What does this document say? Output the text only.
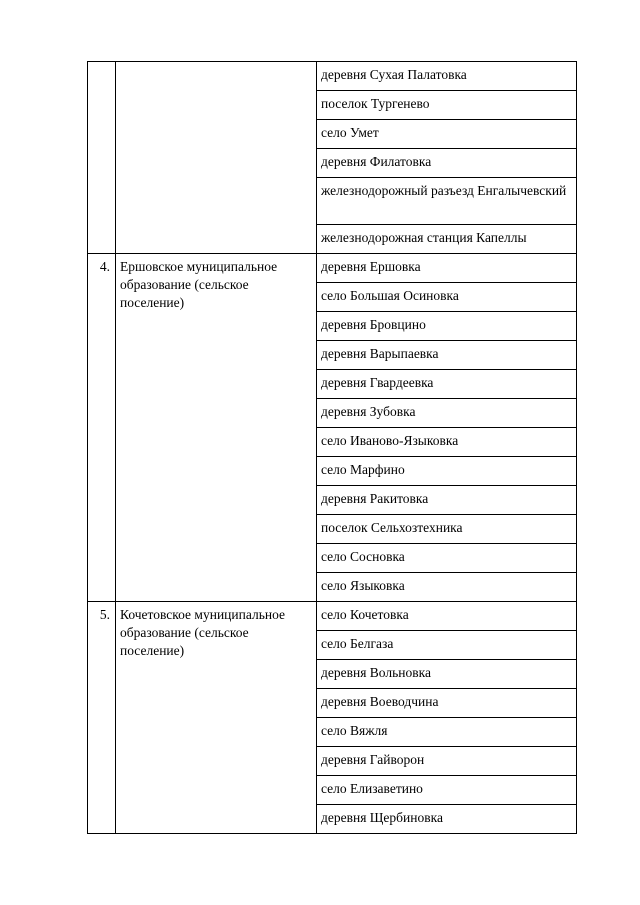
		деревня Сухая Палатовка
		поселок Тургенево
		село Умет
		деревня Филатовка
		железнодорожный разъезд Енгалычевский
		железнодорожная станция Капеллы
4.	Ершовское муниципальное образование (сельское поселение)	деревня Ершовка
		село Большая Осиновка
		деревня Бровцино
		деревня Варыпаевка
		деревня Гвардеевка
		деревня Зубовка
		село Иваново-Языковка
		село Марфино
		деревня Ракитовка
		поселок Сельхозтехника
		село Сосновка
		село Языковка
5.	Кочетовское муниципальное образование (сельское поселение)	село Кочетовка
		село Белгаза
		деревня Вольновка
		деревня Воеводчина
		село Вяжля
		деревня Гайворон
		село Елизаветино
		деревня Щербиновка
